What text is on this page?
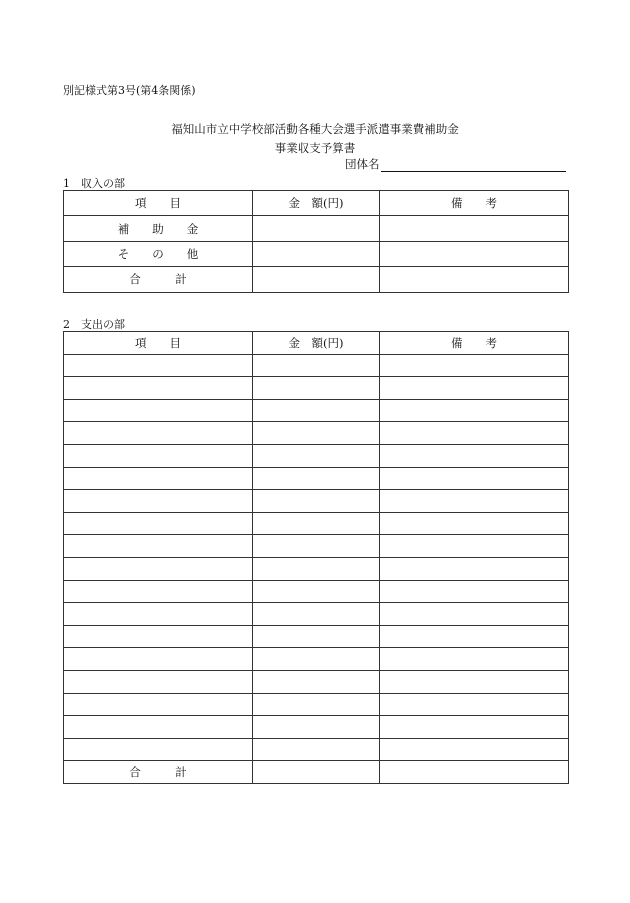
別記様式第3号(第4条関係)
福知山市立中学校部活動各種大会選手派遣事業費補助金
事業収支予算書
団体名
1 収入の部
項　　目	金　額(円)	備　　考
補　　助　　金		
そ　　の　　他		
合　　　計		
2 支出の部
項　　目	金　額(円)	備　　考

合　　　計		
